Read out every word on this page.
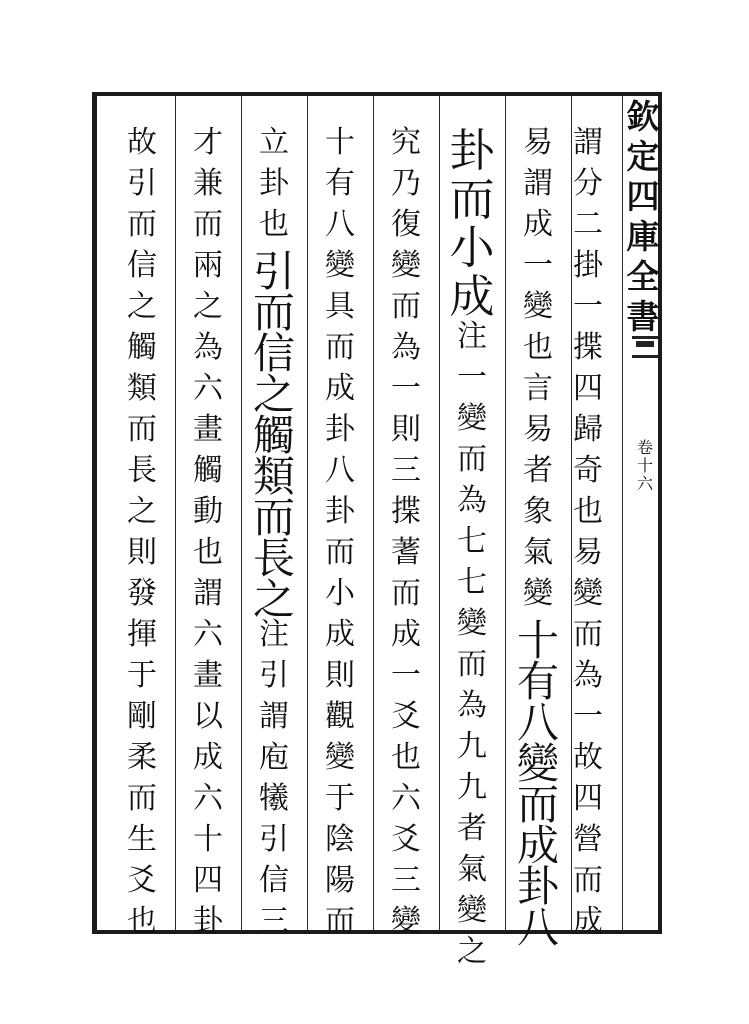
欽
定
四
庫
全
書
卷
十
六
謂
分
二
掛
一
揲
四
歸
奇
也
易
變
而
為
一
故
四
營
而
成
易
謂
成
一
變
也
言
易
者
象
氣
變
十
有
八
變
而
成
卦
八
卦
而
小
成
注
一
變
而
為
七
七
變
而
為
九
九
者
氣
變
之
究
乃
復
變
而
為
一
則
三
揲
蓍
而
成
一
爻
也
六
爻
三
變
十
有
八
變
具
而
成
卦
八
卦
而
小
成
則
觀
變
于
陰
陽
而
立
卦
也
引
而
信
之
觸
類
而
長
之
注
引
謂
庖
犧
引
信
三
才
兼
而
兩
之
為
六
畫
觸
動
也
謂
六
畫
以
成
六
十
四
卦
故
引
而
信
之
觸
類
而
長
之
則
發
揮
于
剛
柔
而
生
爻
也
